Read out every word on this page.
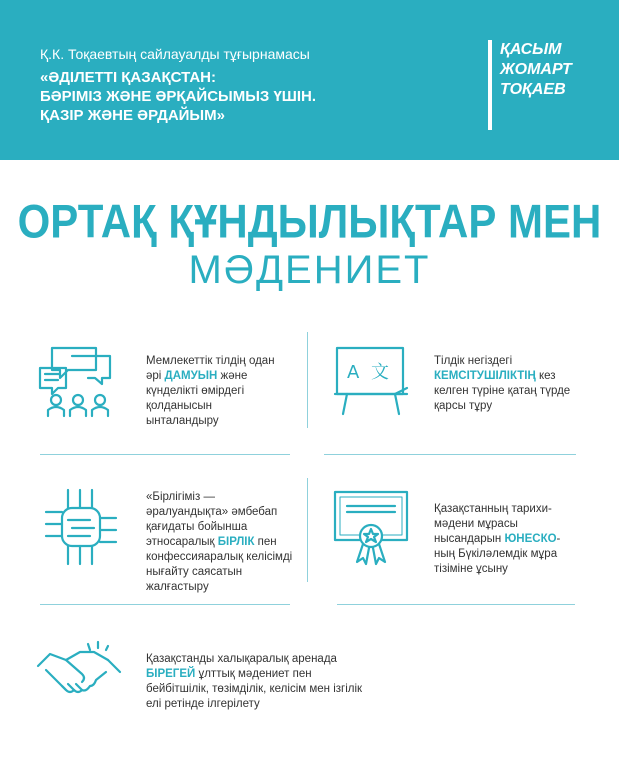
Қ.К. Тоқаевтың сайлауалды тұғырнамасы
«ӘДІЛЕТТІ ҚАЗАҚСТАН:
БӘРІМІЗ ЖӘНЕ ӘРҚАЙСЫМЫЗ ҮШІН.
ҚАЗІР ЖӘНЕ ӘРДАЙЫМ»
ҚАСЫМ
ЖОМАРТ
ТОҚАЕВ
ОРТАҚ ҚҰНДЫЛЫҚТАР МЕН
МӘДЕНИЕТ
A 文
Мемлекеттік тілдің одан әрі ДАМУЫН және күнделікті өмірдегі қолданысын ынталандыру
Тілдік негіздегі КЕМСІТУШІЛІКТІҢ кез келген түріне қатаң түрде қарсы тұру
«Бірлігіміз — әралуандықта» әмбебап қағидаты бойынша этносаралық БІРЛІК пен конфессияаралық келісімді нығайту саясатын жалғастыру
Қазақстанның тарихи-мәдени мұрасы нысандарын ЮНЕСКО-ның Бүкіләлемдік мұра тізіміне ұсыну
Қазақстанды халықаралық аренада БІРЕГЕЙ ұлттық мәдениет пен бейбітшілік, төзімділік, келісім мен ізгілік елі ретінде ілгерілету
